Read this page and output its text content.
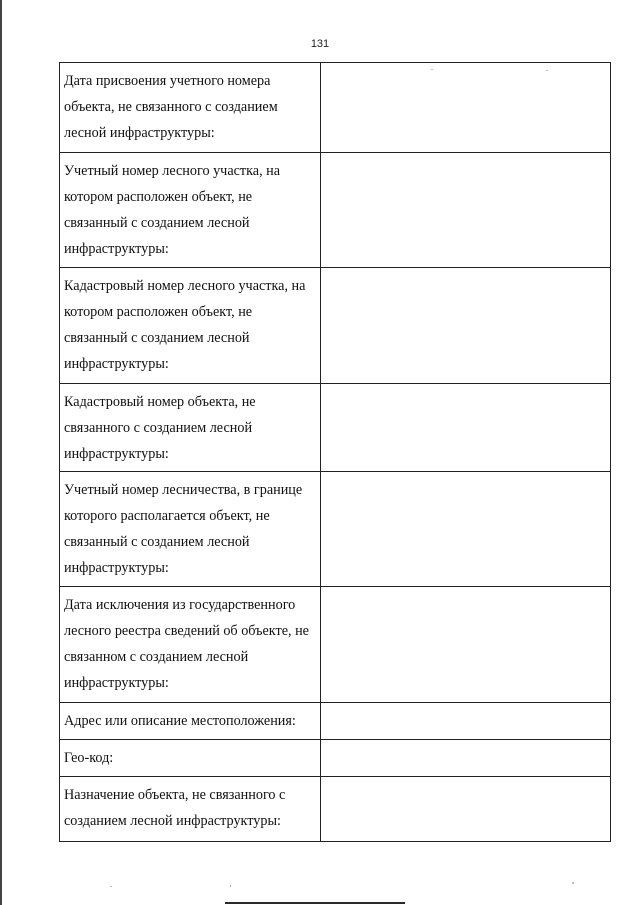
131
Дата присвоения учетного номера объекта, не связанного с созданием лесной инфраструктуры:	
Учетный номер лесного участка, на котором расположен объект, не связанный с созданием лесной инфраструктуры:	
Кадастровый номер лесного участка, на котором расположен объект, не связанный с созданием лесной инфраструктуры:	
Кадастровый номер объекта, не связанного с созданием лесной инфраструктуры:	
Учетный номер лесничества, в границе которого располагается объект, не связанный с созданием лесной инфраструктуры:	
Дата исключения из государственного лесного реестра сведений об объекте, не связанном с созданием лесной инфраструктуры:	
Адрес или описание местоположения:	
Гео-код:	
Назначение объекта, не связанного с созданием лесной инфраструктуры:	
